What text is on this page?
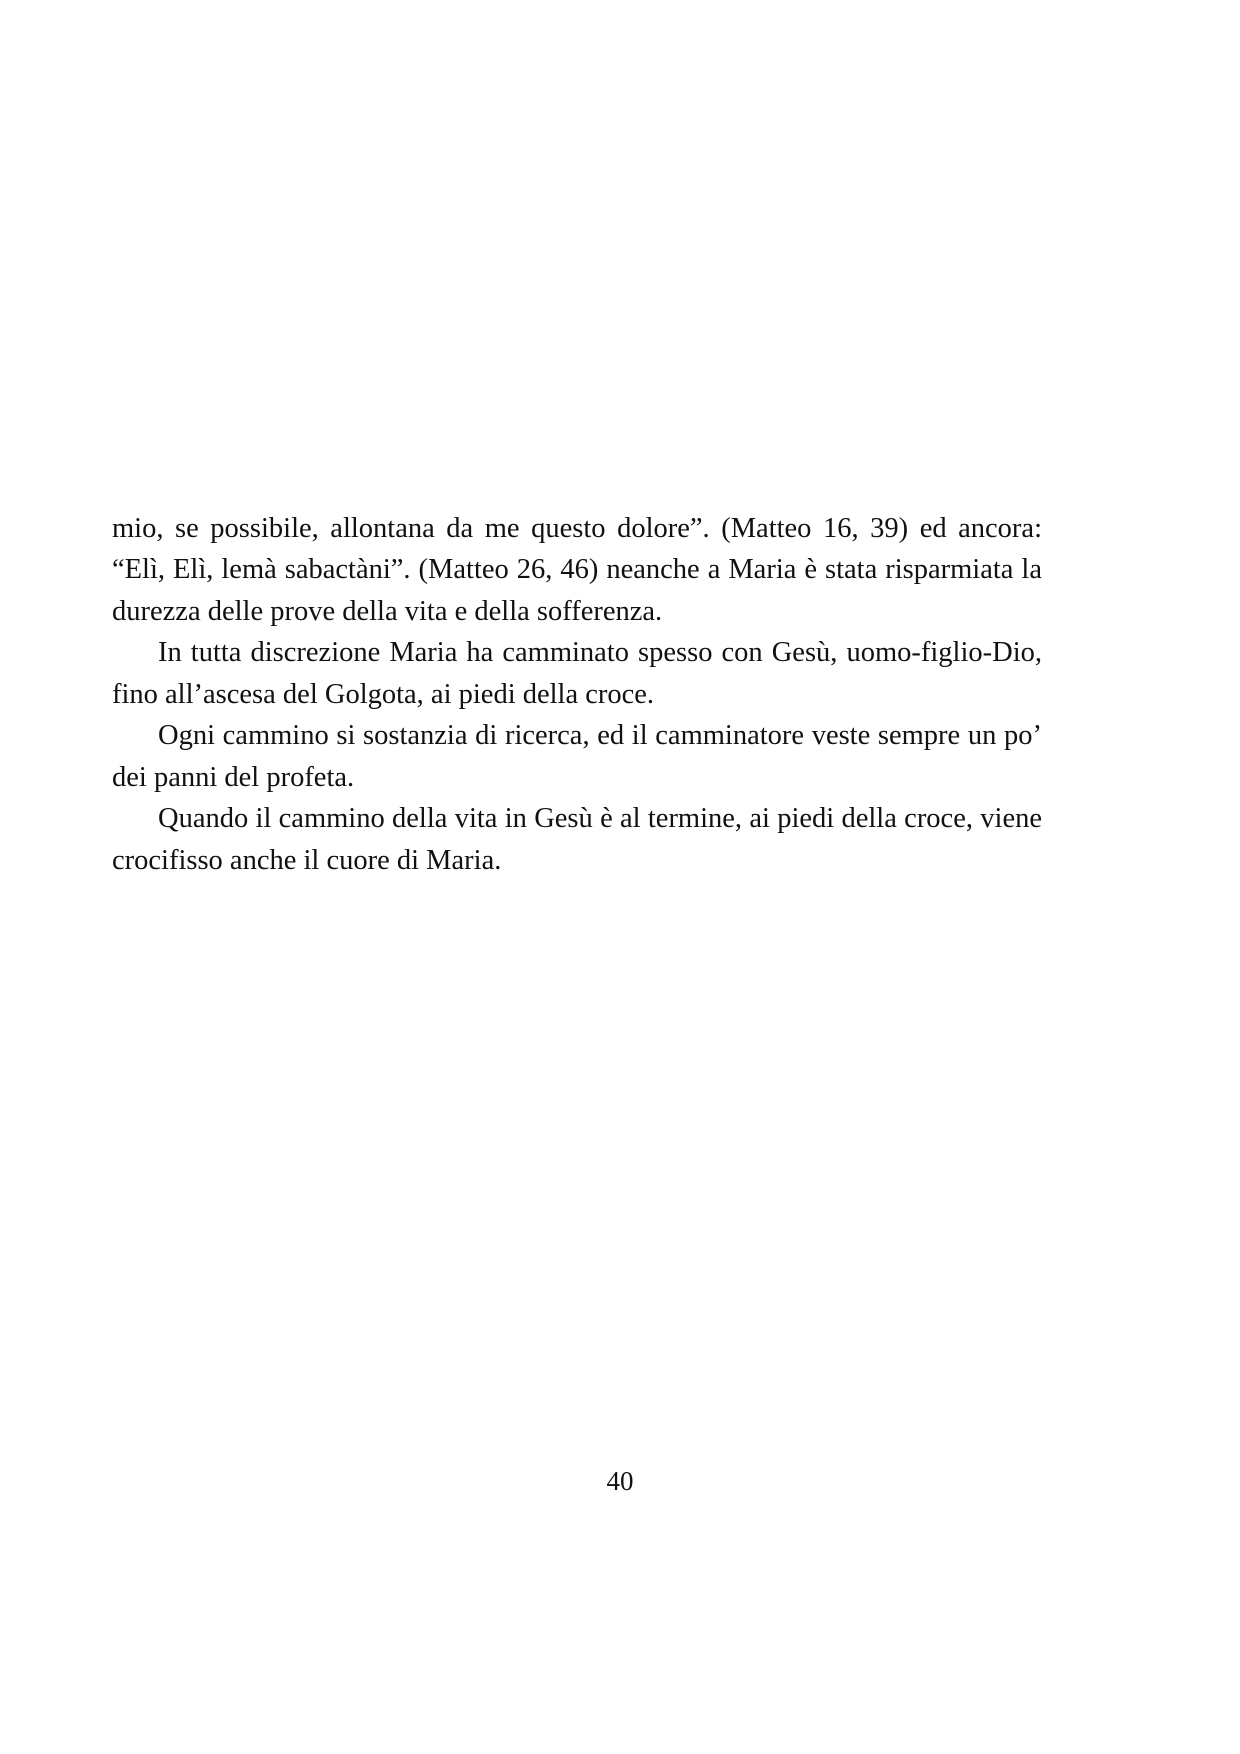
mio, se possibile, allontana da me questo dolore”. (Matteo 16, 39) ed ancora: “Elì, Elì, lemà sabactàni”. (Matteo 26, 46) neanche a Maria è stata risparmiata la durezza delle prove della vita e della sofferenza.

In tutta discrezione Maria ha camminato spesso con Gesù, uomo-figlio-Dio, fino all’ascesa del Golgota, ai piedi della croce.

Ogni cammino si sostanzia di ricerca, ed il camminatore veste sempre un po’ dei panni del profeta.

Quando il cammino della vita in Gesù è al termine, ai piedi della croce, viene crocifisso anche il cuore di Maria.

40
